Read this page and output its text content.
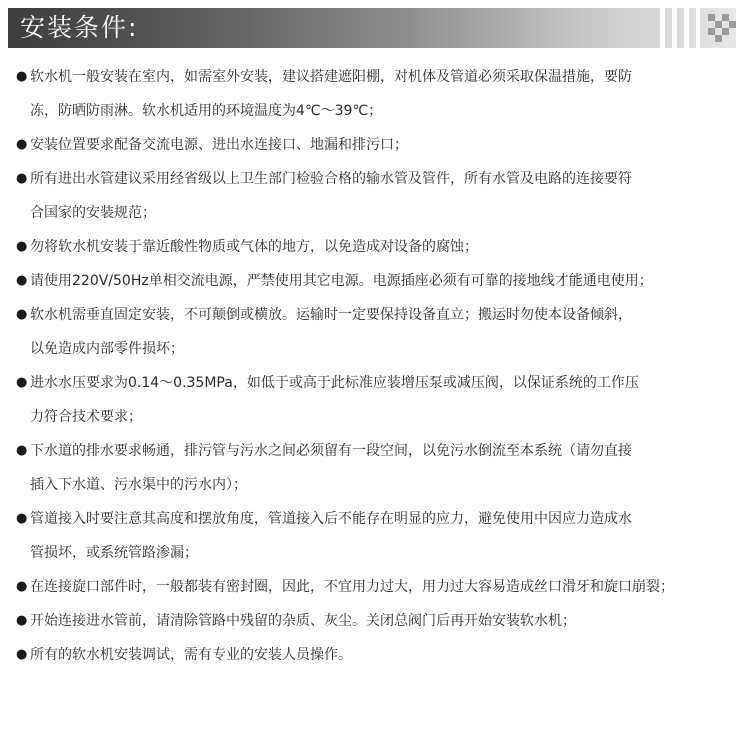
安装条件:
● 软水机一般安装在室内，如需室外安装，建议搭建遮阳棚，对机体及管道必须采取保温措施，要防
冻，防晒防雨淋。软水机适用的环境温度为4℃～39℃；
● 安装位置要求配备交流电源、进出水连接口、地漏和排污口；
● 所有进出水管建议采用经省级以上卫生部门检验合格的输水管及管件，所有水管及电路的连接要符
合国家的安装规范；
● 勿将软水机安装于靠近酸性物质或气体的地方，以免造成对设备的腐蚀；
● 请使用220V/50Hz单相交流电源，严禁使用其它电源。电源插座必须有可靠的接地线才能通电使用；
● 软水机需垂直固定安装，不可颠倒或横放。运输时一定要保持设备直立；搬运时勿使本设备倾斜，
以免造成内部零件损坏；
● 进水水压要求为0.14～0.35MPa，如低于或高于此标准应装增压泵或减压阀，以保证系统的工作压
力符合技术要求；
● 下水道的排水要求畅通，排污管与污水之间必须留有一段空间，以免污水倒流至本系统（请勿直接
插入下水道、污水渠中的污水内）；
● 管道接入时要注意其高度和摆放角度，管道接入后不能存在明显的应力，避免使用中因应力造成水
管损坏，或系统管路渗漏；
● 在连接旋口部件时，一般都装有密封圈，因此，不宜用力过大，用力过大容易造成丝口滑牙和旋口崩裂；
● 开始连接进水管前，请清除管路中残留的杂质、灰尘。关闭总阀门后再开始安装软水机；
● 所有的软水机安装调试，需有专业的安装人员操作。
